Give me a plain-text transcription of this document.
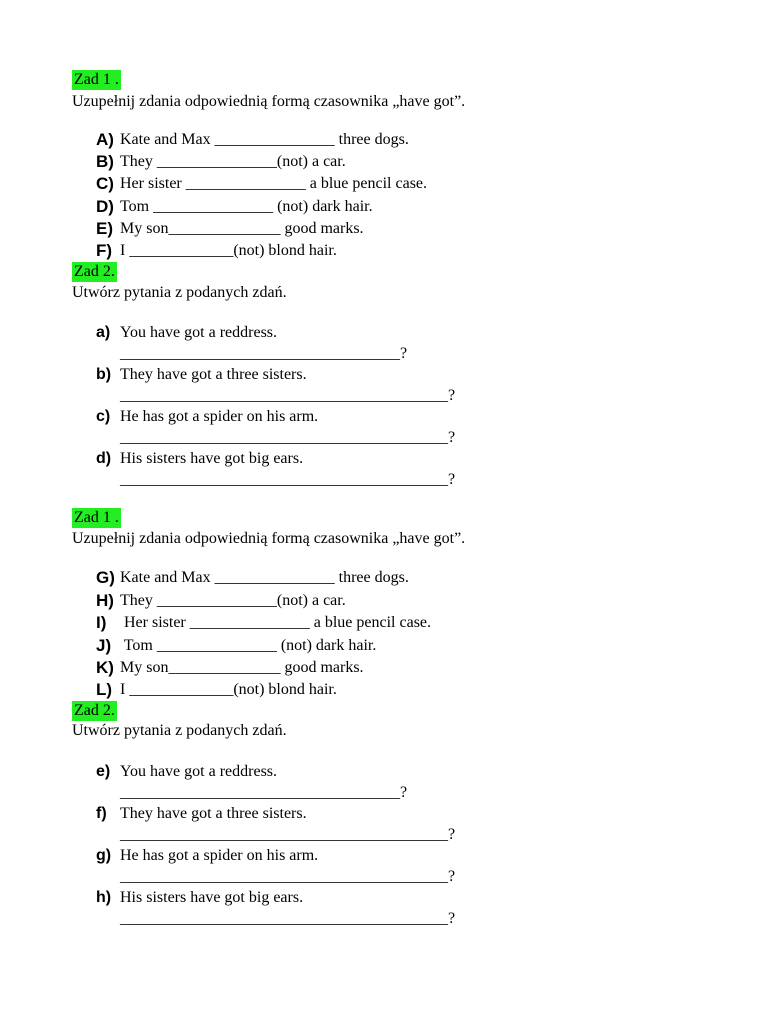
Zad 1 .
Uzupełnij zdania odpowiednią formą czasownika „have got”.
A) Kate and Max _______________ three dogs.
B) They _______________(not) a car.
C) Her sister _______________ a blue pencil case.
D) Tom _______________ (not) dark hair.
E) My son______________ good marks.
F) I _____________(not) blond hair.
Zad 2.
Utwórz pytania z podanych zdań.
a) You have got a reddress.
___________________________________?
b) They have got a three sisters.
_________________________________________?
c) He has got a spider on his arm.
_________________________________________?
d) His sisters have got big ears.
_________________________________________?
Zad 1 .
Uzupełnij zdania odpowiednią formą czasownika „have got”.
G) Kate and Max _______________ three dogs.
H) They _______________(not) a car.
I) Her sister _______________ a blue pencil case.
J) Tom _______________ (not) dark hair.
K) My son______________ good marks.
L) I _____________(not) blond hair.
Zad 2.
Utwórz pytania z podanych zdań.
e) You have got a reddress.
___________________________________?
f) They have got a three sisters.
_________________________________________?
g) He has got a spider on his arm.
_________________________________________?
h) His sisters have got big ears.
_________________________________________?
